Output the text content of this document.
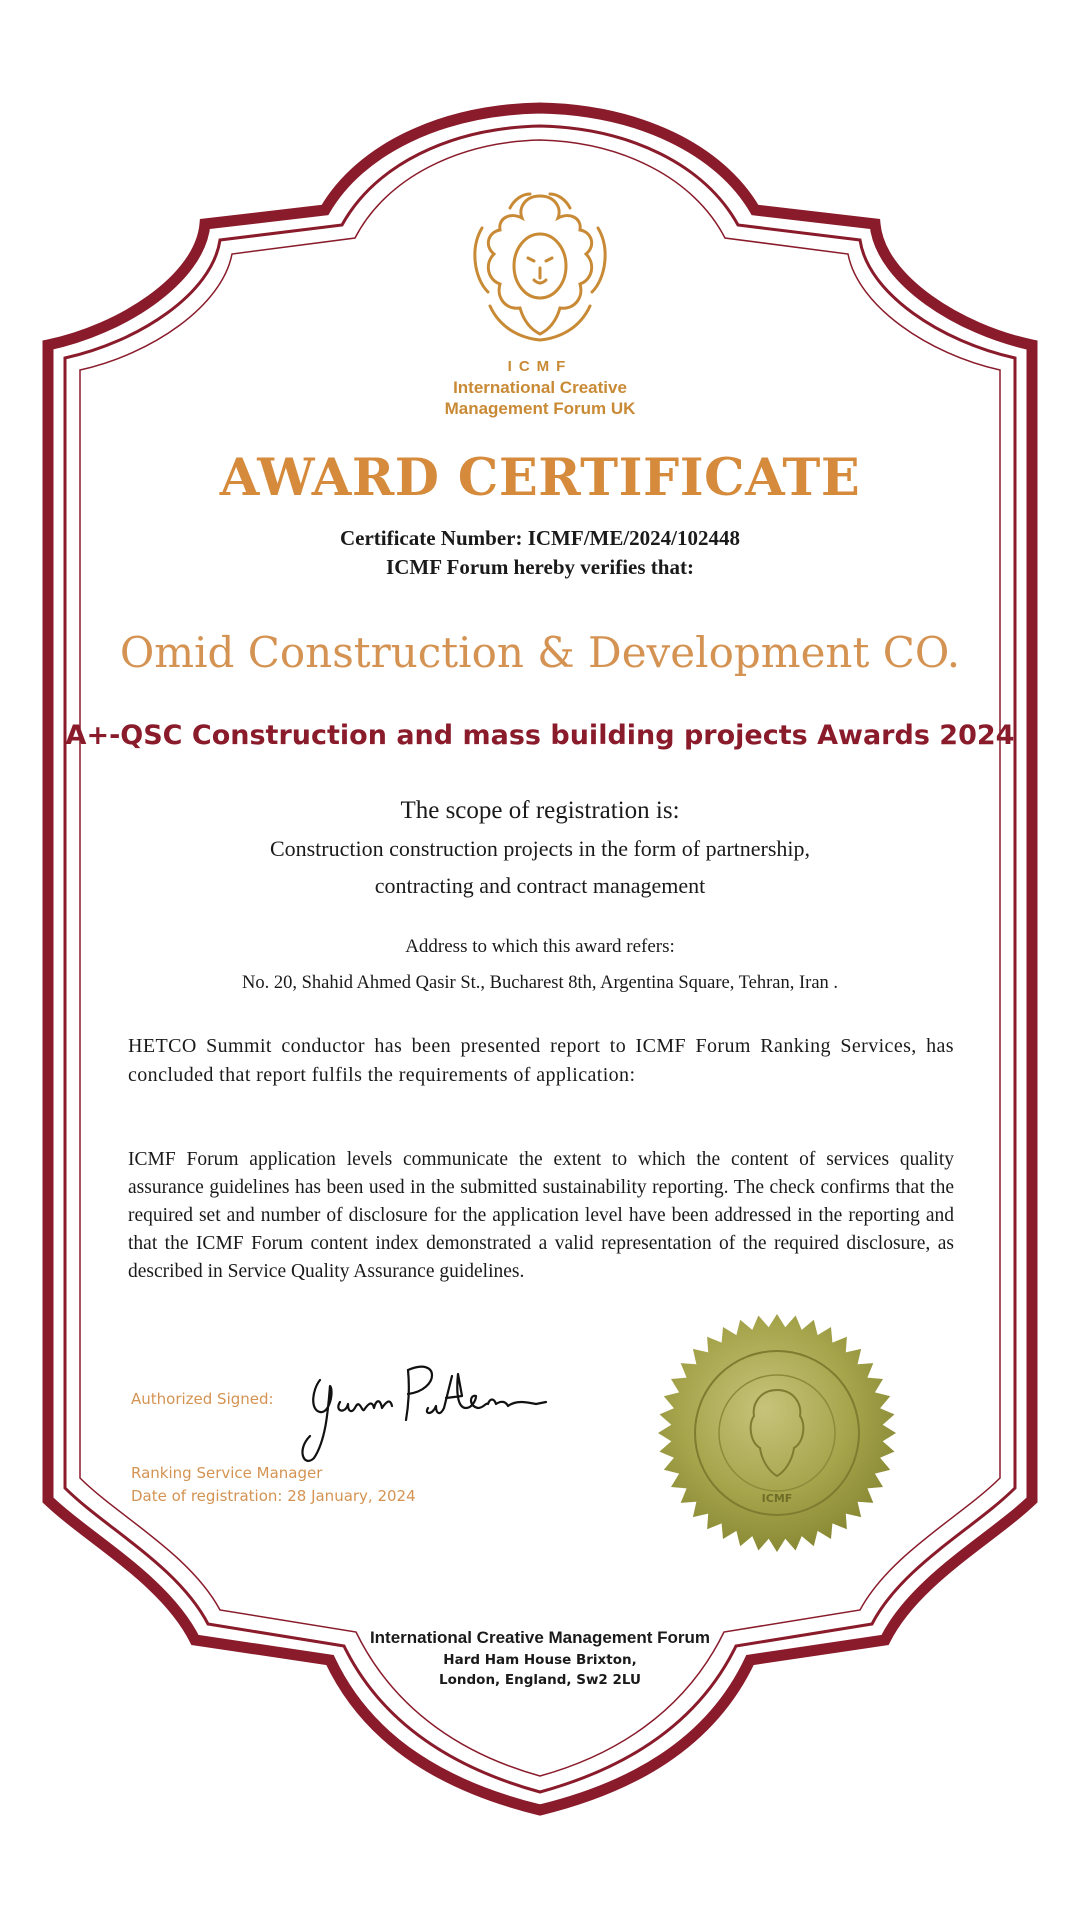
ICMF
International Creative
Management Forum UK
AWARD CERTIFICATE
Certificate Number: ICMF/ME/2024/102448
ICMF Forum hereby verifies that:
Omid Construction & Development CO.
A+-QSC Construction and mass building projects Awards 2024
The scope of registration is:
Construction construction projects in the form of partnership,
contracting and contract management
Address to which this award refers:
No. 20, Shahid Ahmed Qasir St., Bucharest 8th, Argentina Square, Tehran, Iran .
HETCO Summit conductor has been presented report to ICMF Forum Ranking Services, has concluded that report fulfils the requirements of application:
ICMF Forum application levels communicate the extent to which the content of services quality assurance guidelines has been used in the submitted sustainability reporting. The check confirms that the required set and number of disclosure for the application level have been addressed in the reporting and that the ICMF Forum content index demonstrated a valid representation of the required disclosure, as described in Service Quality Assurance guidelines.
Authorized Signed:
Ranking Service Manager
Date of registration: 28 January, 2024	ICMF
International Creative Management Forum
Hard Ham House Brixton,
London, England, Sw2 2LU
